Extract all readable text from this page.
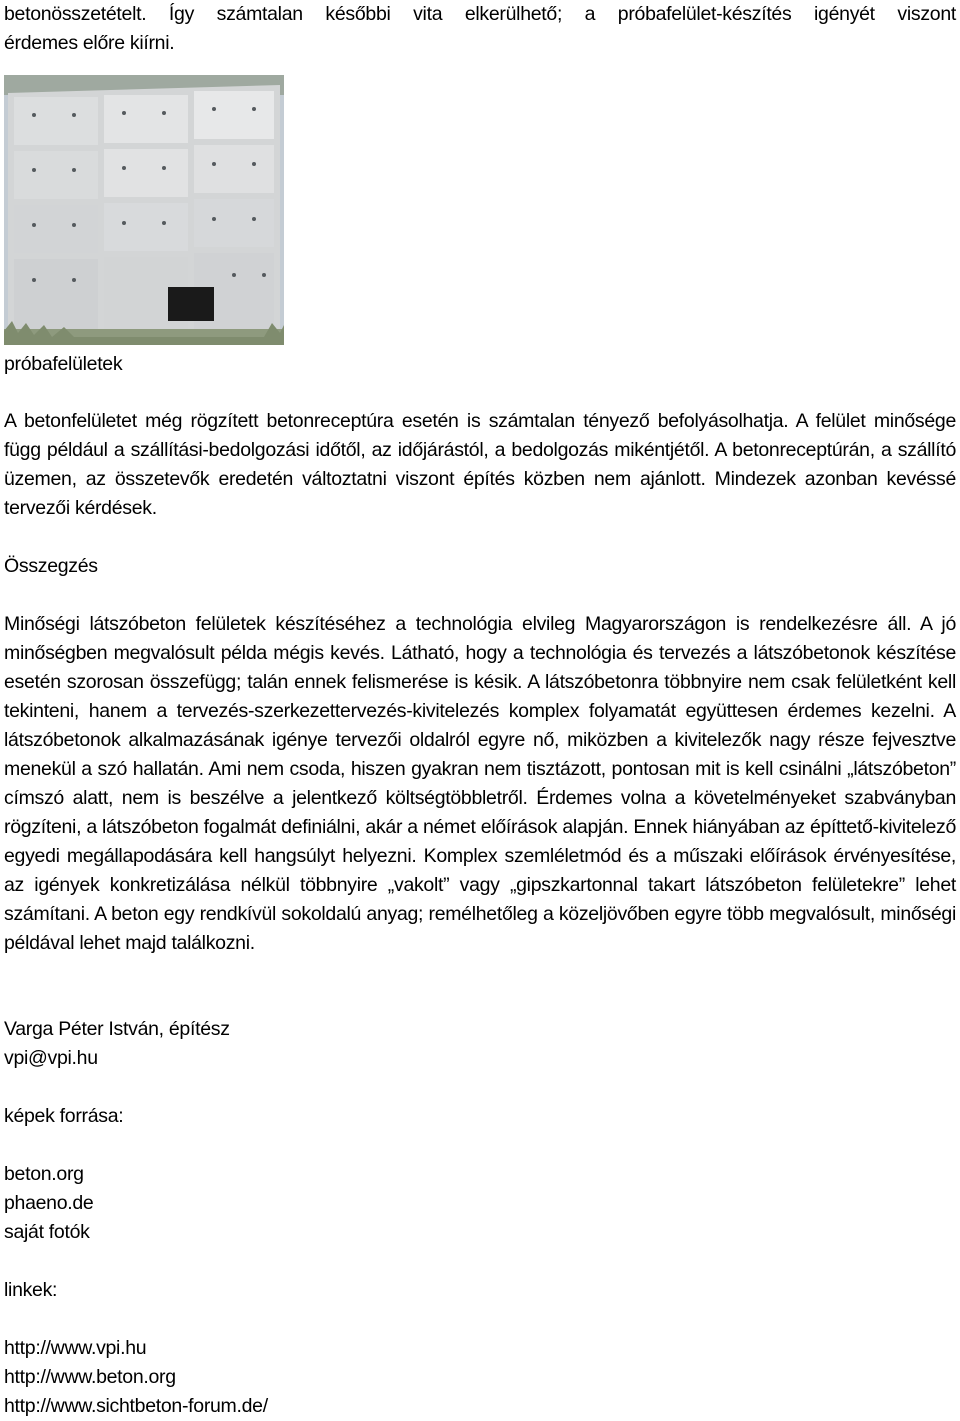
betonösszetételt. Így számtalan későbbi vita elkerülhető; a próbafelület-készítés igényét viszont

érdemes előre kiírni.

próbafelületek

A betonfelületet még rögzített betonreceptúra esetén is számtalan tényező befolyásolhatja. A felület minősége függ például a szállítási-bedolgozási időtől, az időjárástól, a bedolgozás mikéntjétől. A betonreceptúrán, a szállító üzemen, az összetevők eredetén változtatni viszont építés közben nem ajánlott. Mindezek azonban kevéssé tervezői kérdések.

Összegzés

Minőségi látszóbeton felületek készítéséhez a technológia elvileg Magyarországon is rendelkezésre áll. A jó minőségben megvalósult példa mégis kevés. Látható, hogy a technológia és tervezés a látszóbetonok készítése esetén szorosan összefügg; talán ennek felismerése is késik. A látszóbetonra többnyire nem csak felületként kell tekinteni, hanem a tervezés-szerkezettervezés-kivitelezés komplex folyamatát együttesen érdemes kezelni. A látszóbetonok alkalmazásának igénye tervezői oldalról egyre nő, miközben a kivitelezők nagy része fejvesztve menekül a szó hallatán. Ami nem csoda, hiszen gyakran nem tisztázott, pontosan mit is kell csinálni „látszóbeton” címszó alatt, nem is beszélve a jelentkező költségtöbbletről. Érdemes volna a követelményeket szabványban rögzíteni, a látszóbeton fogalmát definiálni, akár a német előírások alapján. Ennek hiányában az építtető-kivitelező egyedi megállapodására kell hangsúlyt helyezni. Komplex szemléletmód és a műszaki előírások érvényesítése, az igények konkretizálása nélkül többnyire „vakolt” vagy „gipszkartonnal takart látszóbeton felületekre” lehet számítani. A beton egy rendkívül sokoldalú anyag; remélhetőleg a közeljövőben egyre több megvalósult, minőségi példával lehet majd találkozni.

Varga Péter István, építész
vpi@vpi.hu
képek forrása:
beton.org
phaeno.de
saját fotók
linkek:
http://www.vpi.hu
http://www.beton.org
http://www.sichtbeton-forum.de/
